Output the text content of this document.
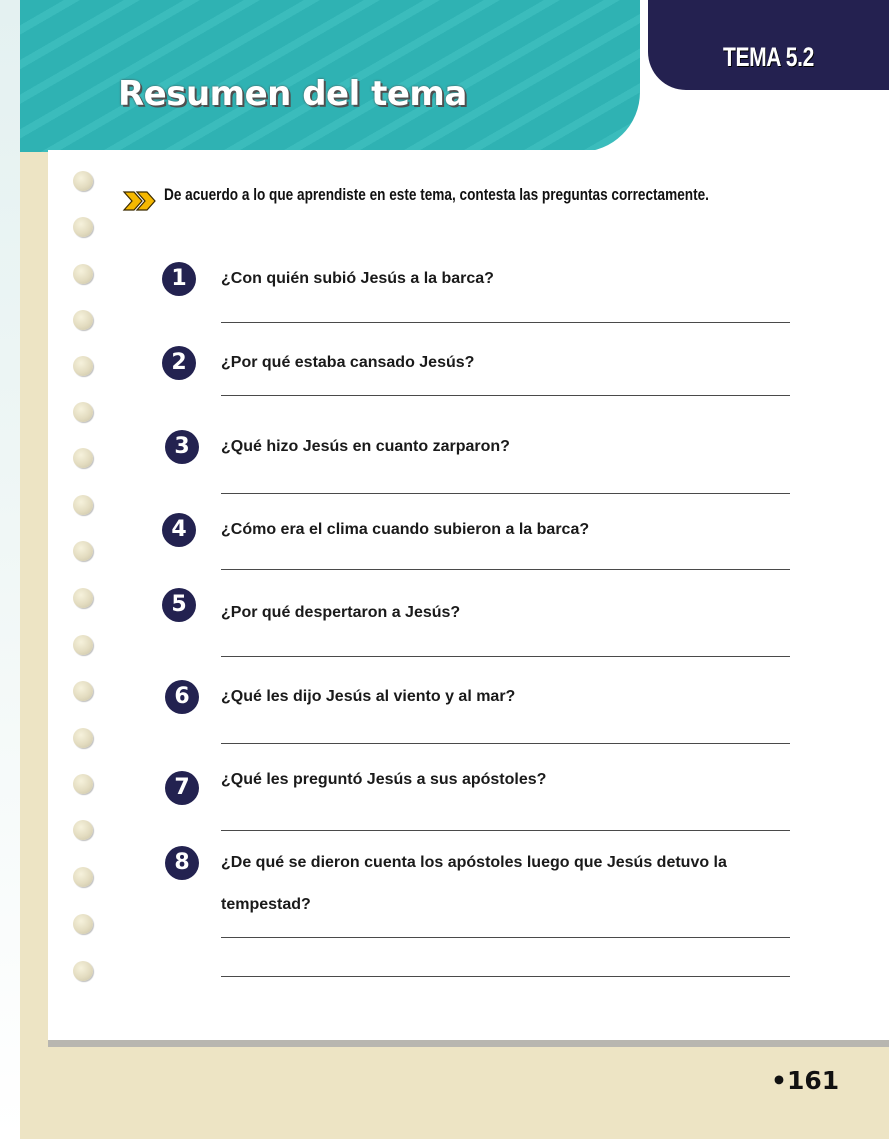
Resumen del tema
TEMA 5.2
De acuerdo a lo que aprendiste en este tema, contesta las preguntas correctamente.
1	¿Con quién subió Jesús a la barca?
2	¿Por qué estaba cansado Jesús?
3	¿Qué hizo Jesús en cuanto zarparon?
4	¿Cómo era el clima cuando subieron a la barca?
5	¿Por qué despertaron a Jesús?
6	¿Qué les dijo Jesús al viento y al mar?
7	¿Qué les preguntó Jesús a sus apóstoles?
8	¿De qué se dieron cuenta los apóstoles luego que Jesús detuvo la
tempestad?
•161
